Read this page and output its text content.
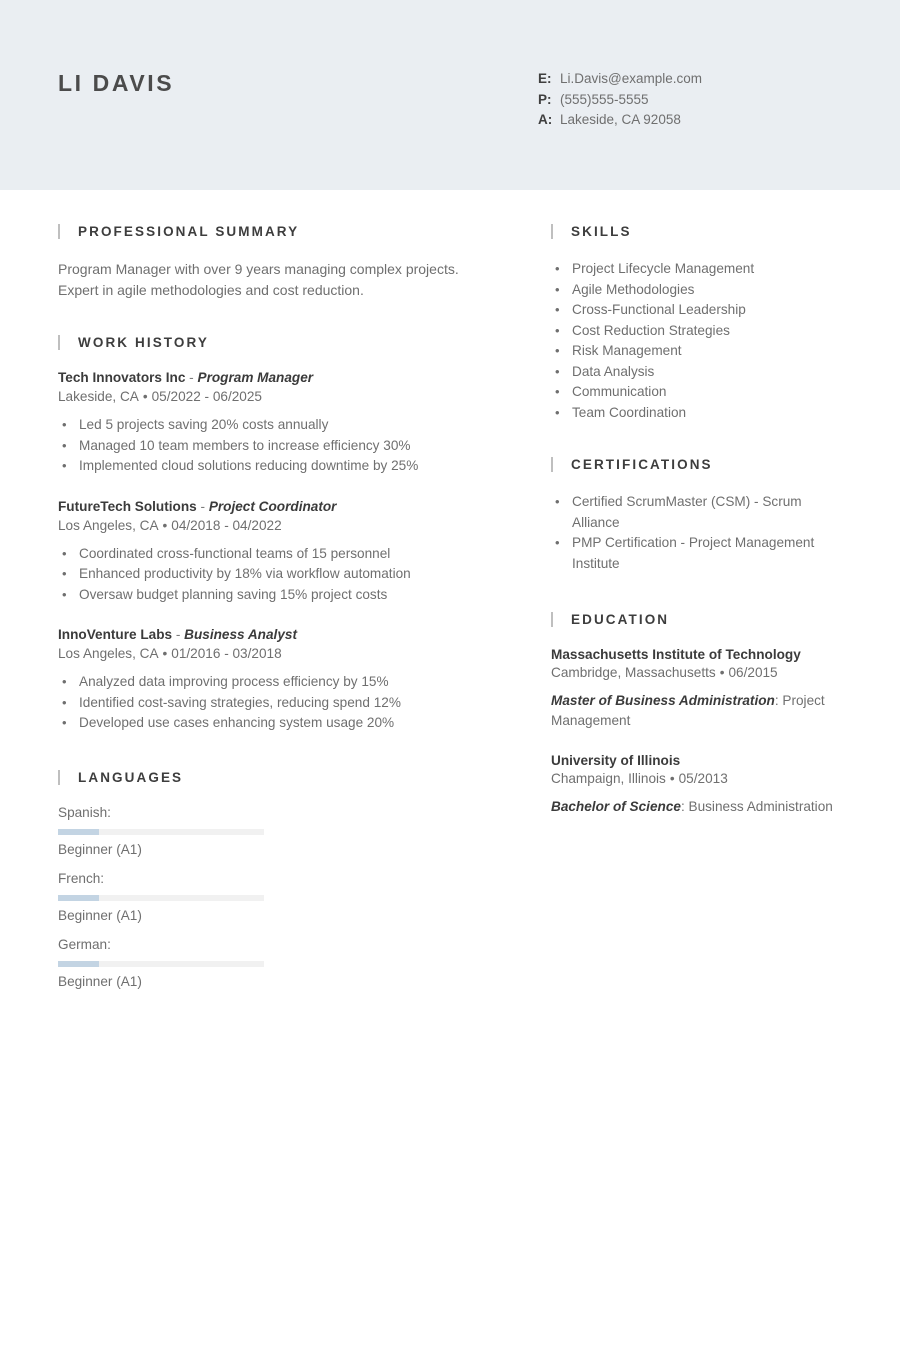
LI DAVIS	E: Li.Davis@example.com
P: (555)555-5555
A: Lakeside, CA 92058
PROFESSIONAL SUMMARY
Program Manager with over 9 years managing complex projects. Expert in agile methodologies and cost reduction.
WORK HISTORY
Tech Innovators Inc - Program Manager
Lakeside, CA • 05/2022 - 06/2025
• Led 5 projects saving 20% costs annually
• Managed 10 team members to increase efficiency 30%
• Implemented cloud solutions reducing downtime by 25%
FutureTech Solutions - Project Coordinator
Los Angeles, CA • 04/2018 - 04/2022
• Coordinated cross-functional teams of 15 personnel
• Enhanced productivity by 18% via workflow automation
• Oversaw budget planning saving 15% project costs
InnoVenture Labs - Business Analyst
Los Angeles, CA • 01/2016 - 03/2018
• Analyzed data improving process efficiency by 15%
• Identified cost-saving strategies, reducing spend 12%
• Developed use cases enhancing system usage 20%
LANGUAGES
Spanish:
Beginner (A1)
French:
Beginner (A1)
German:
Beginner (A1)
SKILLS
• Project Lifecycle Management
• Agile Methodologies
• Cross-Functional Leadership
• Cost Reduction Strategies
• Risk Management
• Data Analysis
• Communication
• Team Coordination
CERTIFICATIONS
• Certified ScrumMaster (CSM) - Scrum Alliance
• PMP Certification - Project Management Institute
EDUCATION
Massachusetts Institute of Technology
Cambridge, Massachusetts • 06/2015
Master of Business Administration: Project Management
University of Illinois
Champaign, Illinois • 05/2013
Bachelor of Science: Business Administration
